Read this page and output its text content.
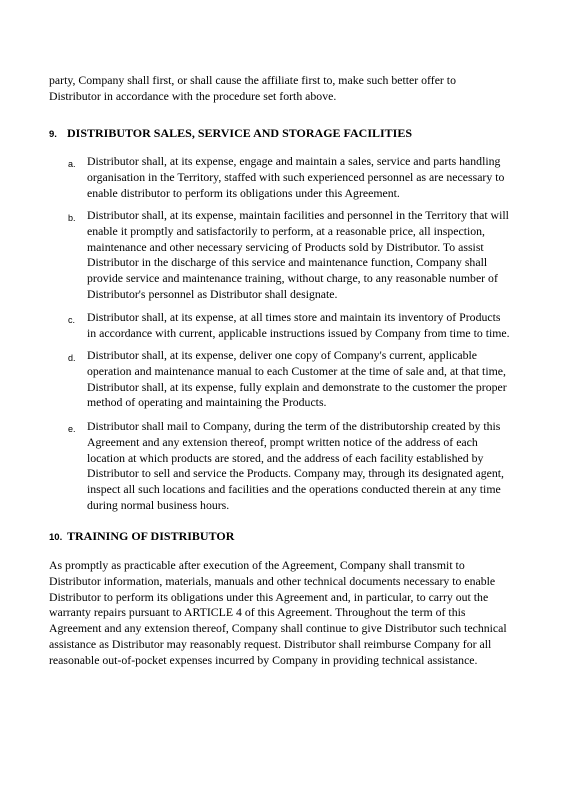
party, Company shall first, or shall cause the affiliate first to, make such better offer to
Distributor in accordance with the procedure set forth above.
9. DISTRIBUTOR SALES, SERVICE AND STORAGE FACILITIES
a. Distributor shall, at its expense, engage and maintain a sales, service and parts handling
organisation in the Territory, staffed with such experienced personnel as are necessary to
enable distributor to perform its obligations under this Agreement.
b. Distributor shall, at its expense, maintain facilities and personnel in the Territory that will
enable it promptly and satisfactorily to perform, at a reasonable price, all inspection,
maintenance and other necessary servicing of Products sold by Distributor. To assist
Distributor in the discharge of this service and maintenance function, Company shall
provide service and maintenance training, without charge, to any reasonable number of
Distributor's personnel as Distributor shall designate.
c. Distributor shall, at its expense, at all times store and maintain its inventory of Products
in accordance with current, applicable instructions issued by Company from time to time.
d. Distributor shall, at its expense, deliver one copy of Company's current, applicable
operation and maintenance manual to each Customer at the time of sale and, at that time,
Distributor shall, at its expense, fully explain and demonstrate to the customer the proper
method of operating and maintaining the Products.
e. Distributor shall mail to Company, during the term of the distributorship created by this
Agreement and any extension thereof, prompt written notice of the address of each
location at which products are stored, and the address of each facility established by
Distributor to sell and service the Products. Company may, through its designated agent,
inspect all such locations and facilities and the operations conducted therein at any time
during normal business hours.
10. TRAINING OF DISTRIBUTOR
As promptly as practicable after execution of the Agreement, Company shall transmit to
Distributor information, materials, manuals and other technical documents necessary to enable
Distributor to perform its obligations under this Agreement and, in particular, to carry out the
warranty repairs pursuant to ARTICLE 4 of this Agreement. Throughout the term of this
Agreement and any extension thereof, Company shall continue to give Distributor such technical
assistance as Distributor may reasonably request. Distributor shall reimburse Company for all
reasonable out-of-pocket expenses incurred by Company in providing technical assistance.
